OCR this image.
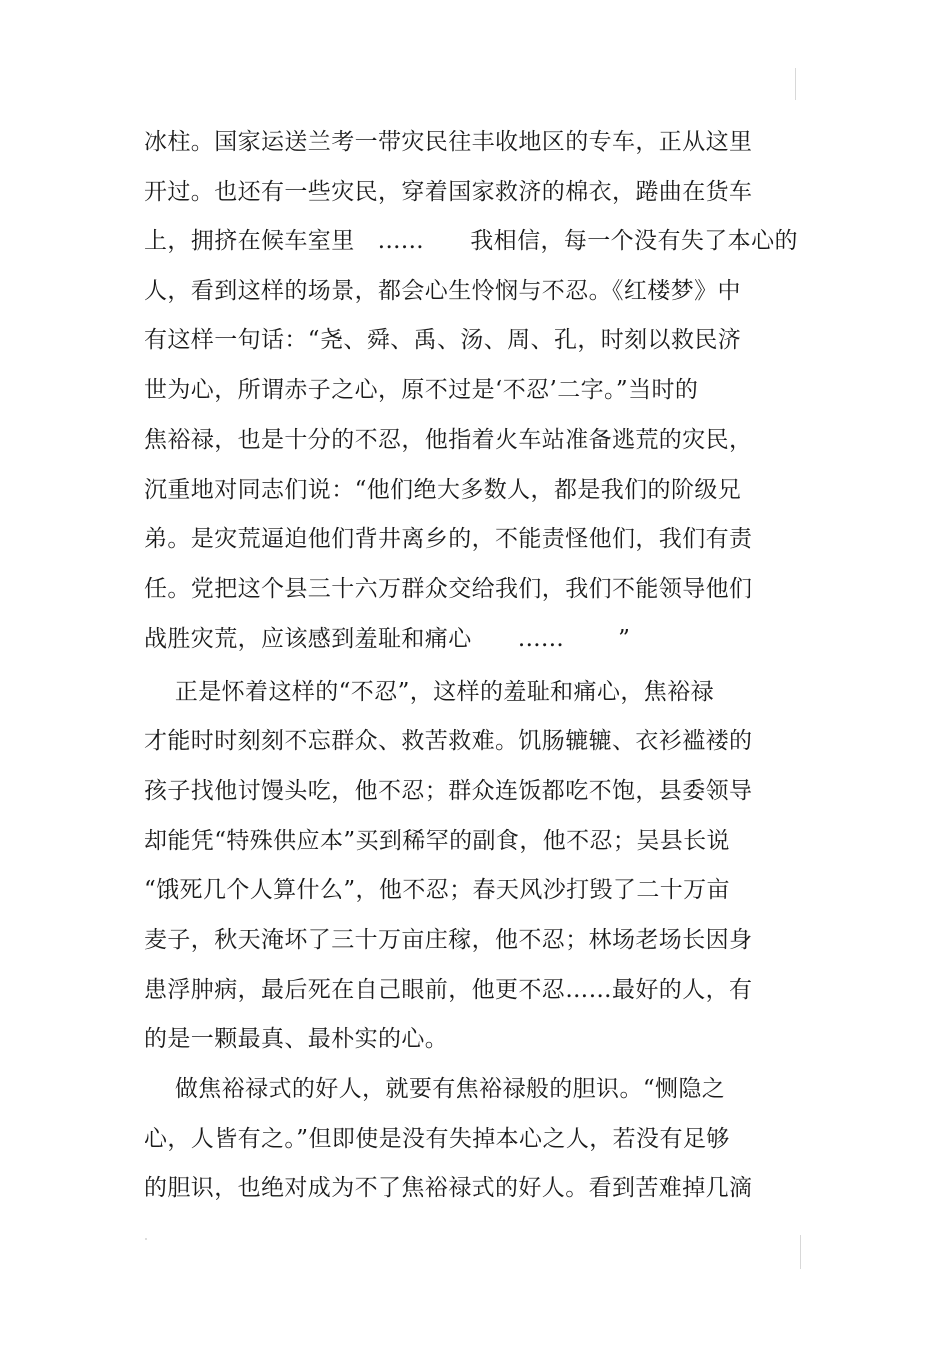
冰柱。国家运送兰考一带灾民往丰收地区的专车，正从这里
开过。也还有一些灾民，穿着国家救济的棉衣，踡曲在货车
上，拥挤在候车室里   ......      我相信，每一个没有失了本心的
人，看到这样的场景，都会心生怜悯与不忍。《红楼梦》中
有这样一句话：“尧、舜、禹、汤、周、孔，时刻以救民济
世为心，所谓赤子之心，原不过是‘不忍’二字。”当时的
焦裕禄，也是十分的不忍，他指着火车站准备逃荒的灾民，
沉重地对同志们说：“他们绝大多数人，都是我们的阶级兄
弟。是灾荒逼迫他们背井离乡的，不能责怪他们，我们有责
任。党把这个县三十六万群众交给我们，我们不能领导他们
战胜灾荒，应该感到羞耻和痛心      ......       ”
正是怀着这样的“不忍”，这样的羞耻和痛心，焦裕禄
才能时时刻刻不忘群众、救苦救难。饥肠辘辘、衣衫褴褛的
孩子找他讨馒头吃，他不忍；群众连饭都吃不饱，县委领导
却能凭“特殊供应本”买到稀罕的副食，他不忍；吴县长说
“饿死几个人算什么”，他不忍；春天风沙打毁了二十万亩
麦子，秋天淹坏了三十万亩庄稼，他不忍；林场老场长因身
患浮肿病，最后死在自己眼前，他更不忍……最好的人，有
的是一颗最真、最朴实的心。
做焦裕禄式的好人，就要有焦裕禄般的胆识。“恻隐之
心，人皆有之。”但即使是没有失掉本心之人，若没有足够
的胆识，也绝对成为不了焦裕禄式的好人。看到苦难掉几滴
